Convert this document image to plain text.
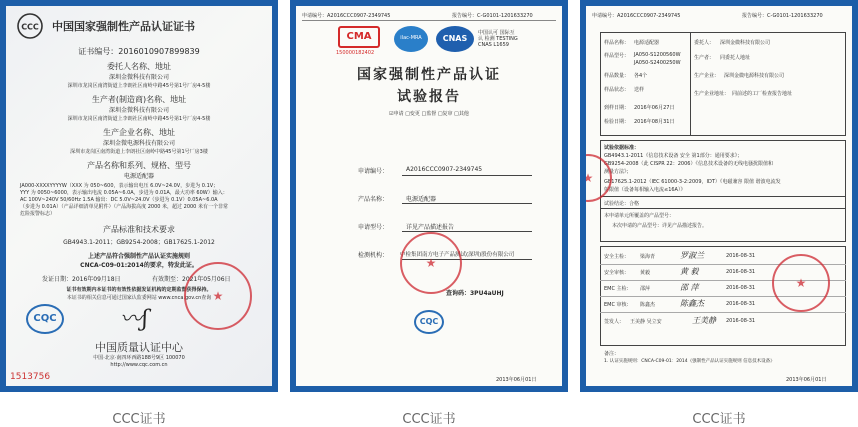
CCC 中国国家强制性产品认证证书
证书编号：2016010907899839
委托人名称、地址
深圳金微科技有限公司
深圳市龙岗区南湾街道上李朗社区南岭中路45号第1号厂房4-5楼
生产者(制造商)名称、地址
深圳金微科技有限公司
深圳市龙岗区南湾街道上李朗社区南岭中路45号第1号厂房4-5楼
生产企业名称、地址
深圳金微电源科技有限公司
深圳市龙岗区南湾街道上李朗社区南岭中路45号第1号厂房3楼
产品名称和系列、规格、型号
电源适配器
JA000-XXXXYYYYW（XXX 为 050~600，表示输出电压 6.0V~24.0V，步进为 0.1V；
YYY 为 0050~6000，表示输出电流 0.05A~6.0A，步进为 0.01A，最大功率 60W）输入：
AC 100V~240V 50/60Hz 1.5A 输出：DC 5.0V~24.0V（步进为 0.1V）0.05A~6.0A
（步进为 0.01A）（产品详细清单见附件）（产品海拔高度 2000 米，超过 2000 米有一个非常
危险报警标志）
产品标准和技术要求
GB4943.1-2011；GB9254-2008；GB17625.1-2012
上述产品符合强制性产品认证实施规则
CNCA-C09-01:2014的要求，特发此证。
发证日期：2016年09月18日	有效期至：2021年05月06日
证书有效期内本证书的有效性依据发证机构的定期监督获得保持。
本证书的相关信息可通过国家认监委网站 www.cnca.gov.cn查询
CQC	〰ʃ
★
中国质量认证中心
中国·北京·南四环西路188号9区 100070
http://www.cqc.com.cn
1513756
CCC证书
申请编号：A2016CCC0907-2349745	报告编号：C-G0101-1201633270
CMA
150000182402
ilac-MRA	CNAS
中国认可 国际互认 检测 TESTING CNAS L1659
国家强制性产品认证
试验报告
☑申请 □变更 □监督 □复审 □其他
申请编号：	A2016CCC0907-2349745
产品名称：	电源适配器
申请型号：	详见产品描述报告
检测机构： 中检集团南方电子产品测试(深圳)股份有限公司
★
查询码：3PU4aUHJ
CQC
2013年06月01日
CCC证书
申请编号：A2016CCC0907-2349745	报告编号：C-G0101-1201633270
样品名称： 电源适配器	委托人： 深圳金微科技有限公司
样品型号： JA050-S1200560W
JA050-S2400250W
生产者： 同委托人地址
样品数量： 各4个	生产企业： 深圳金微电源科技有限公司
样品状态： 送样
生产企业地址： 同前述的工厂检查报告地址
到样日期： 2016年06月27日
检验日期： 2016年08月31日
试验依据标准：
GB4943.1-2011《信息技术设备 安全 第1部分：通用要求》；
GB9254-2008（此 CISPR 22：2006）《信息技术设备的无线电骚扰限值和
测量方法》；
GB17625.1-2012（IEC 61000-3-2:2009，IDT）《电磁兼容 限值 谐波电流发
射限值（设备每相输入电流≤16A）》
试验结论：合格
本申请单元所覆盖的产品型号：
本次申请的产品型号：详见产品描述报告。
安全主检： 梁海青	罗淑兰	2016-08-31
安全审核： 黄毅	黄 毅	2016-08-31
EMC 主检： 邵萍	邵 萍	2016-08-31
EMC 审核： 陈鑫杰	陈鑫杰	2016-08-31
签发人： 王美静 吴立安	王美静 2016-08-31
★
★
备注：
1. 认证实施规则：CNCA-C09-01：2014《强制性产品认证实施规则 信息技术设备》
2013年06月01日
CCC证书
